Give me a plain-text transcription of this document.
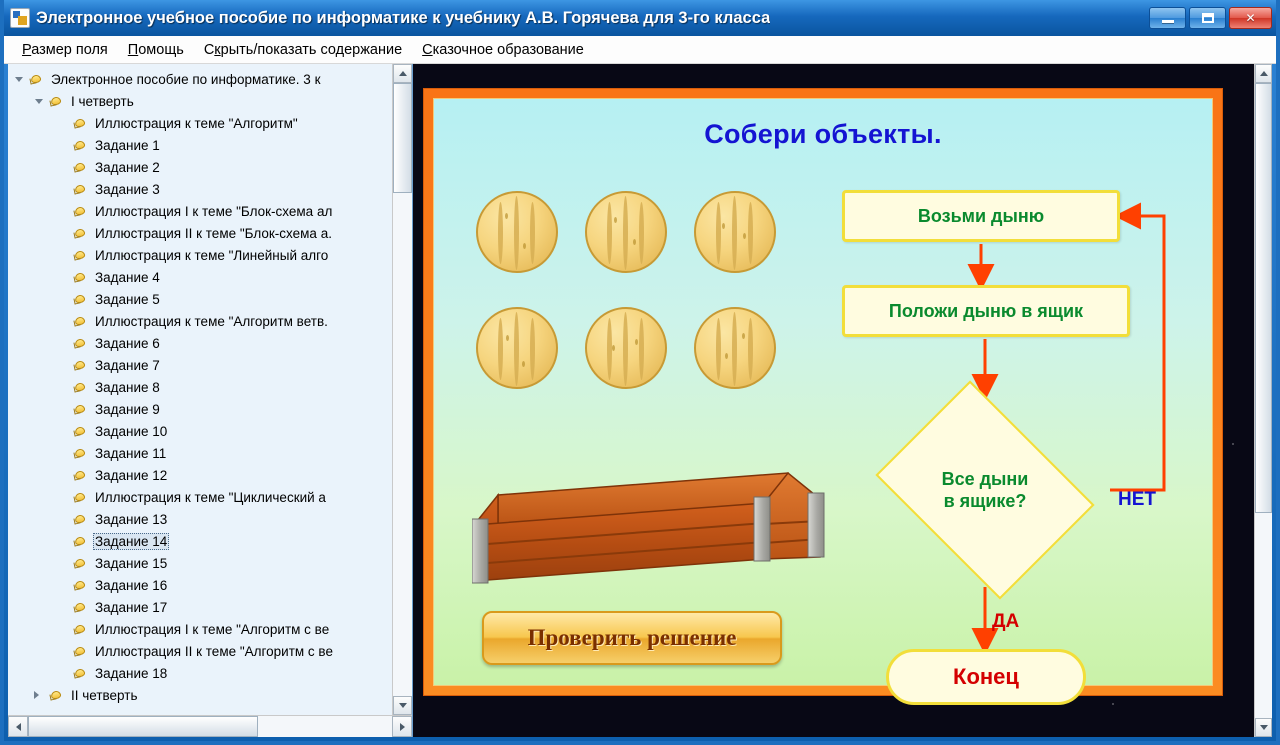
Электронное учебное пособие по информатике к учебнику А.В. Горячева для 3-го класса	✕
Размер поля	Помощь	Скрыть/показать содержание	Сказочное образование
Электронное пособие по информатике. 3 к
I четверть
Иллюстрация к теме "Алгоритм"
Задание 1
Задание 2
Задание 3
Иллюстрация I к теме "Блок-схема ал
Иллюстрация II к теме "Блок-схема а.
Иллюстрация к теме "Линейный алго
Задание 4
Задание 5
Иллюстрация к теме "Алгоритм ветв.
Задание 6
Задание 7
Задание 8
Задание 9
Задание 10
Задание 11
Задание 12
Иллюстрация к теме "Циклический а
Задание 13
Задание 14
Задание 15
Задание 16
Задание 17
Иллюстрация I к теме "Алгоритм с ве
Иллюстрация II к теме "Алгоритм с ве
Задание 18
II четверть
Собери объекты.
Проверить решение
Возьми дыню
Положи дыню в ящик
Все дыни
в ящике?	НЕТ
ДА
Конец
